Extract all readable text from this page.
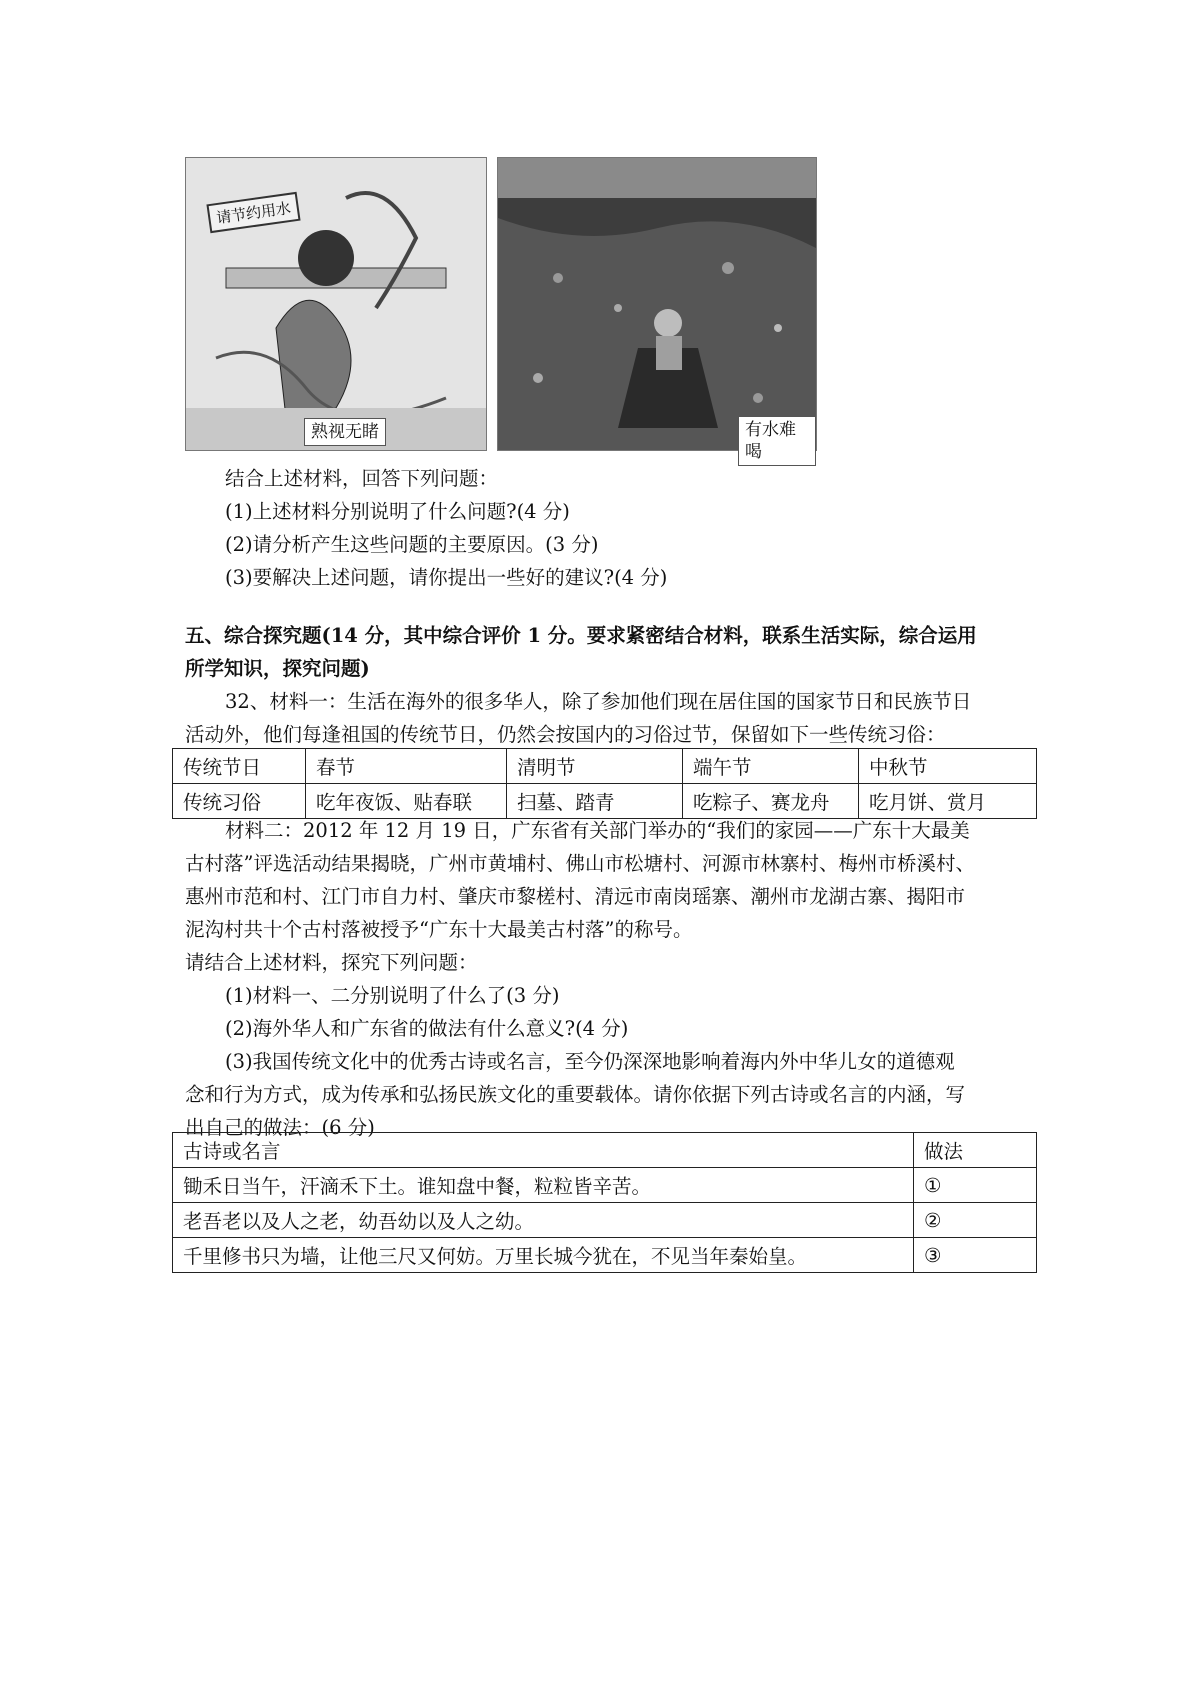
请节约用水
熟视无睹	有水难喝
结合上述材料，回答下列问题：
(1)上述材料分别说明了什么问题?(4 分)
(2)请分析产生这些问题的主要原因。(3 分)
(3)要解决上述问题，请你提出一些好的建议?(4 分)
五、综合探究题(14 分，其中综合评价 1 分。要求紧密结合材料，联系生活实际，综合运用
所学知识，探究问题)
32、材料一：生活在海外的很多华人，除了参加他们现在居住国的国家节日和民族节日
活动外，他们每逢祖国的传统节日，仍然会按国内的习俗过节，保留如下一些传统习俗：
传统节日	春节	清明节	端午节	中秋节
传统习俗	吃年夜饭、贴春联	扫墓、踏青	吃粽子、赛龙舟	吃月饼、赏月
材料二：2012 年 12 月 19 日，广东省有关部门举办的“我们的家园——广东十大最美
古村落”评选活动结果揭晓，广州市黄埔村、佛山市松塘村、河源市林寨村、梅州市桥溪村、
惠州市范和村、江门市自力村、肇庆市黎槎村、清远市南岗瑶寨、潮州市龙湖古寨、揭阳市
泥沟村共十个古村落被授予“广东十大最美古村落”的称号。
请结合上述材料，探究下列问题：
(1)材料一、二分别说明了什么了(3 分)
(2)海外华人和广东省的做法有什么意义?(4 分)
(3)我国传统文化中的优秀古诗或名言，至今仍深深地影响着海内外中华儿女的道德观
念和行为方式，成为传承和弘扬民族文化的重要载体。请你依据下列古诗或名言的内涵，写
出自己的做法：(6 分)
古诗或名言	做法
锄禾日当午，汗滴禾下土。谁知盘中餐，粒粒皆辛苦。	①
老吾老以及人之老，幼吾幼以及人之幼。	②
千里修书只为墙，让他三尺又何妨。万里长城今犹在，不见当年秦始皇。	③
